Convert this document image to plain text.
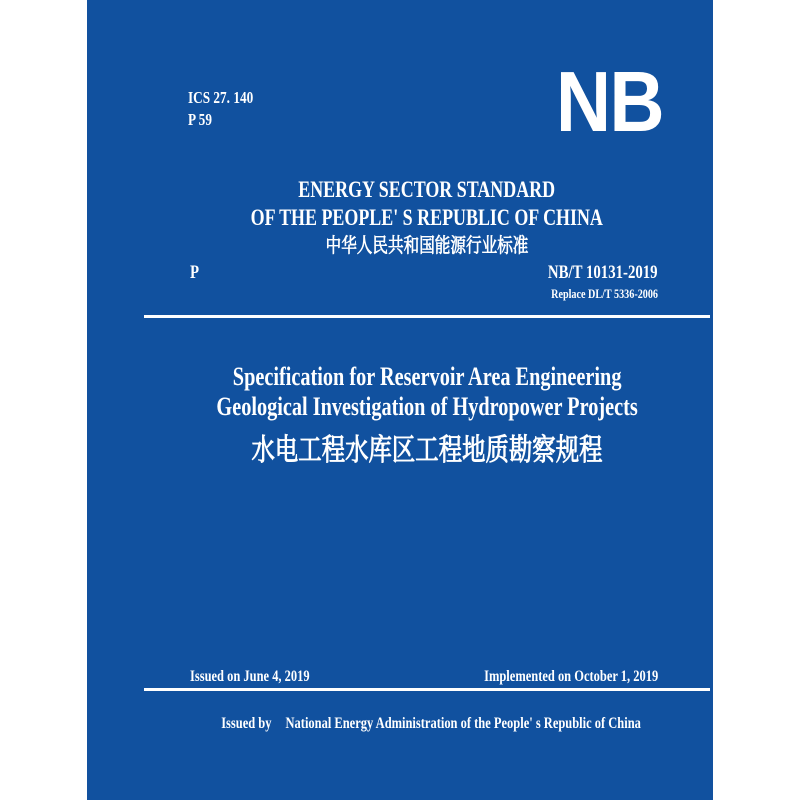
ICS 27. 140
P 59	NB
ENERGY SECTOR STANDARD
OF THE PEOPLE' S REPUBLIC OF CHINA
中华人民共和国能源行业标准
P	NB/T 10131-2019
Replace DL/T 5336-2006
Specification for Reservoir Area Engineering
Geological Investigation of Hydropower Projects
水电工程水库区工程地质勘察规程
Issued on June 4, 2019	Implemented on October 1, 2019

Issued by National Energy Administration of the People' s Republic of China
